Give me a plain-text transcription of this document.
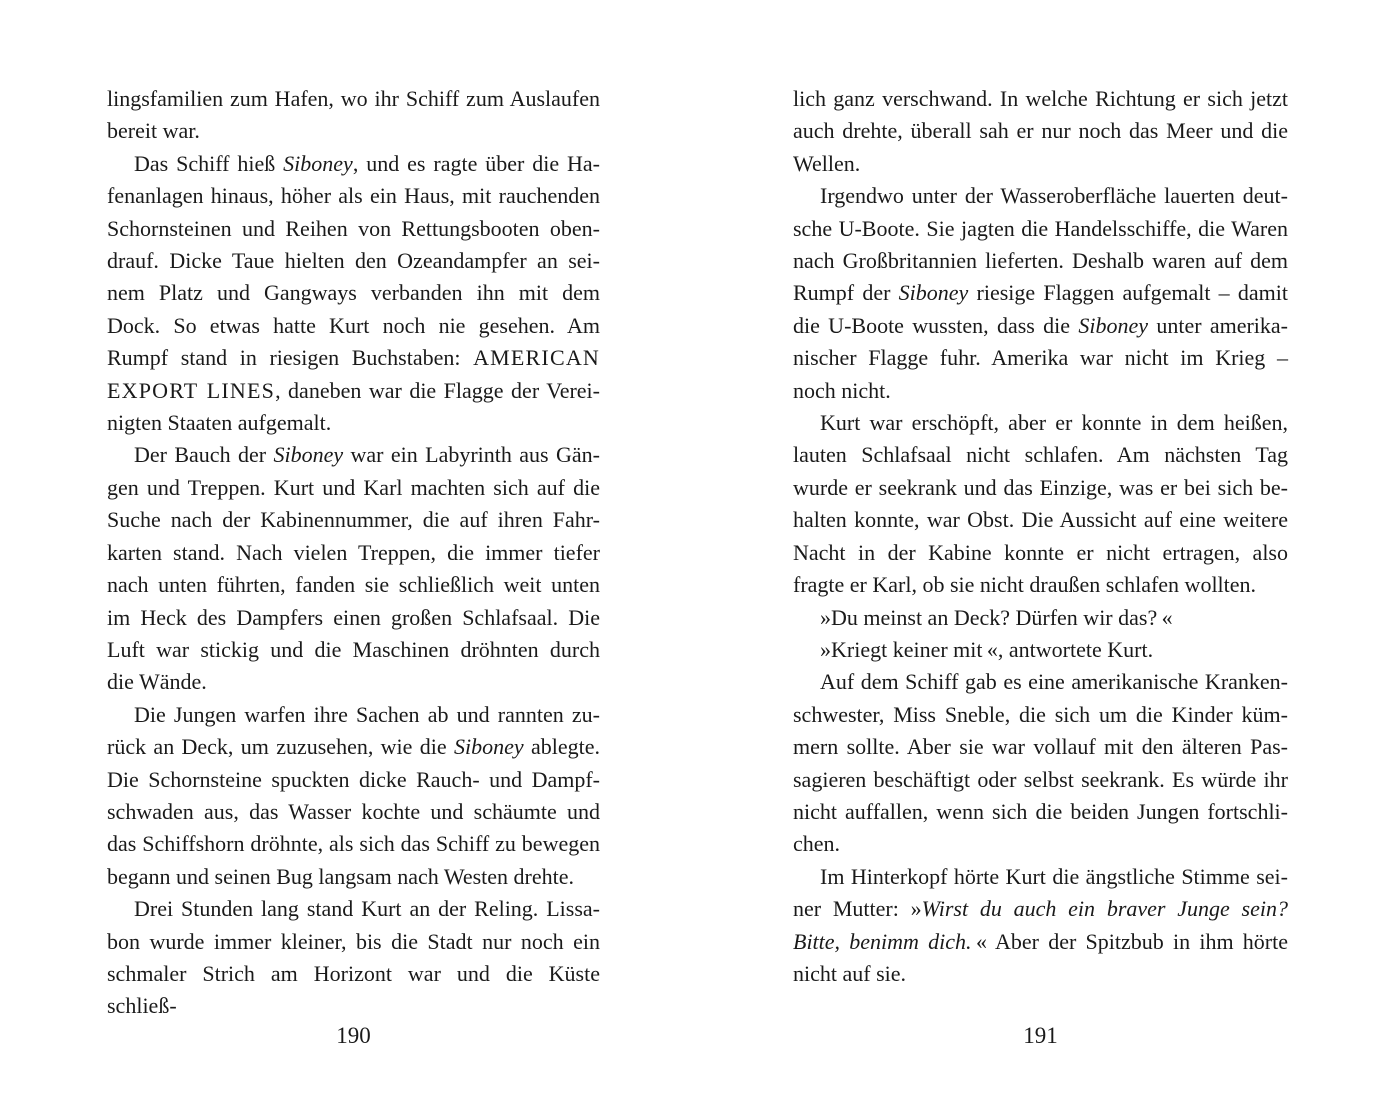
lingsfamilien zum Hafen, wo ihr Schiff zum Auslaufen
bereit war.
Das Schiff hieß Siboney, und es ragte über die Ha-
fenanlagen hinaus, höher als ein Haus, mit rauchenden
Schornsteinen und Reihen von Rettungsbooten oben-
drauf. Dicke Taue hielten den Ozeandampfer an sei-
nem Platz und Gangways verbanden ihn mit dem
Dock. So etwas hatte Kurt noch nie gesehen. Am
Rumpf stand in riesigen Buchstaben: AMERICAN
EXPORT LINES, daneben war die Flagge der Verei-
nigten Staaten aufgemalt.
Der Bauch der Siboney war ein Labyrinth aus Gän-
gen und Treppen. Kurt und Karl machten sich auf die
Suche nach der Kabinennummer, die auf ihren Fahr-
karten stand. Nach vielen Treppen, die immer tiefer
nach unten führten, fanden sie schließlich weit unten
im Heck des Dampfers einen großen Schlafsaal. Die
Luft war stickig und die Maschinen dröhnten durch
die Wände.
Die Jungen warfen ihre Sachen ab und rannten zu-
rück an Deck, um zuzusehen, wie die Siboney ablegte.
Die Schornsteine spuckten dicke Rauch- und Dampf-
schwaden aus, das Wasser kochte und schäumte und
das Schiffshorn dröhnte, als sich das Schiff zu bewegen
begann und seinen Bug langsam nach Westen drehte.
Drei Stunden lang stand Kurt an der Reling. Lissa-
bon wurde immer kleiner, bis die Stadt nur noch ein
schmaler Strich am Horizont war und die Küste schließ-
190
lich ganz verschwand. In welche Richtung er sich jetzt
auch drehte, überall sah er nur noch das Meer und die
Wellen.
Irgendwo unter der Wasseroberfläche lauerten deut-
sche U-Boote. Sie jagten die Handelsschiffe, die Waren
nach Großbritannien lieferten. Deshalb waren auf dem
Rumpf der Siboney riesige Flaggen aufgemalt – damit
die U-Boote wussten, dass die Siboney unter amerika-
nischer Flagge fuhr. Amerika war nicht im Krieg –
noch nicht.
Kurt war erschöpft, aber er konnte in dem heißen,
lauten Schlafsaal nicht schlafen. Am nächsten Tag
wurde er seekrank und das Einzige, was er bei sich be-
halten konnte, war Obst. Die Aussicht auf eine weitere
Nacht in der Kabine konnte er nicht ertragen, also
fragte er Karl, ob sie nicht draußen schlafen wollten.
»Du meinst an Deck? Dürfen wir das? «
»Kriegt keiner mit «, antwortete Kurt.
Auf dem Schiff gab es eine amerikanische Kranken-
schwester, Miss Sneble, die sich um die Kinder küm-
mern sollte. Aber sie war vollauf mit den älteren Pas-
sagieren beschäftigt oder selbst seekrank. Es würde ihr
nicht auffallen, wenn sich die beiden Jungen fortschli-
chen.
Im Hinterkopf hörte Kurt die ängstliche Stimme sei-
ner Mutter: »Wirst du auch ein braver Junge sein?
Bitte, benimm dich. « Aber der Spitzbub in ihm hörte
nicht auf sie.
191
